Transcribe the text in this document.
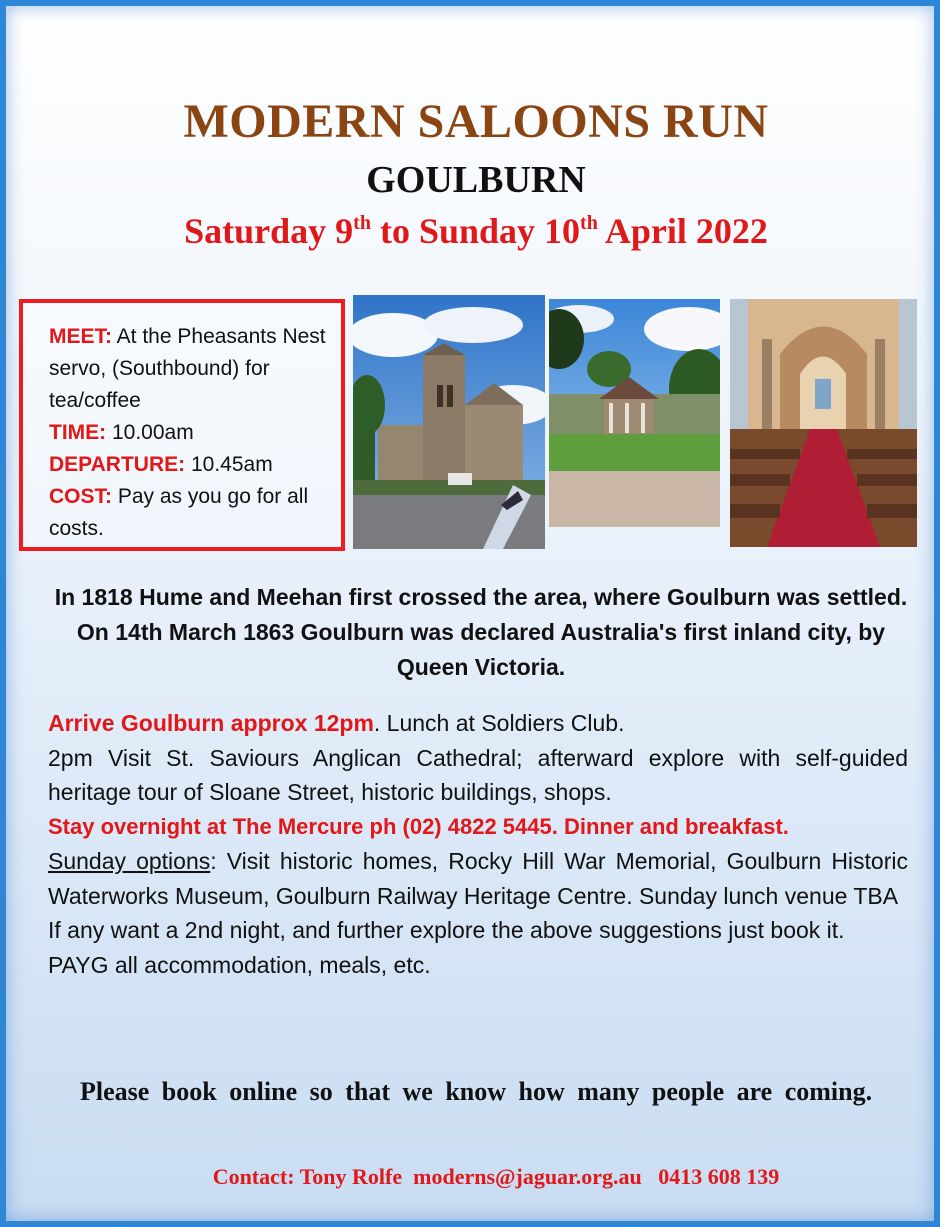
MODERN SALOONS RUN
GOULBURN
Saturday 9th to Sunday 10th April 2022
MEET: At the Pheasants Nest servo, (Southbound) for tea/coffee
TIME: 10.00am
DEPARTURE: 10.45am
COST: Pay as you go for all costs.
In 1818 Hume and Meehan first crossed the area, where Goulburn was settled. On 14th March 1863 Goulburn was declared Australia's first inland city, by Queen Victoria.

Arrive Goulburn approx 12pm. Lunch at Soldiers Club.

2pm Visit St. Saviours Anglican Cathedral; afterward explore with self-guided heritage tour of Sloane Street, historic buildings, shops.

Stay overnight at The Mercure ph (02) 4822 5445. Dinner and breakfast.

Sunday options: Visit historic homes, Rocky Hill War Memorial, Goulburn Historic Waterworks Museum, Goulburn Railway Heritage Centre. Sunday lunch venue TBA

If any want a 2nd night, and further explore the above suggestions just book it.

PAYG all accommodation, meals, etc.

Please book online so that we know how many people are coming.
Contact: Tony Rolfe  moderns@jaguar.org.au   0413 608 139
